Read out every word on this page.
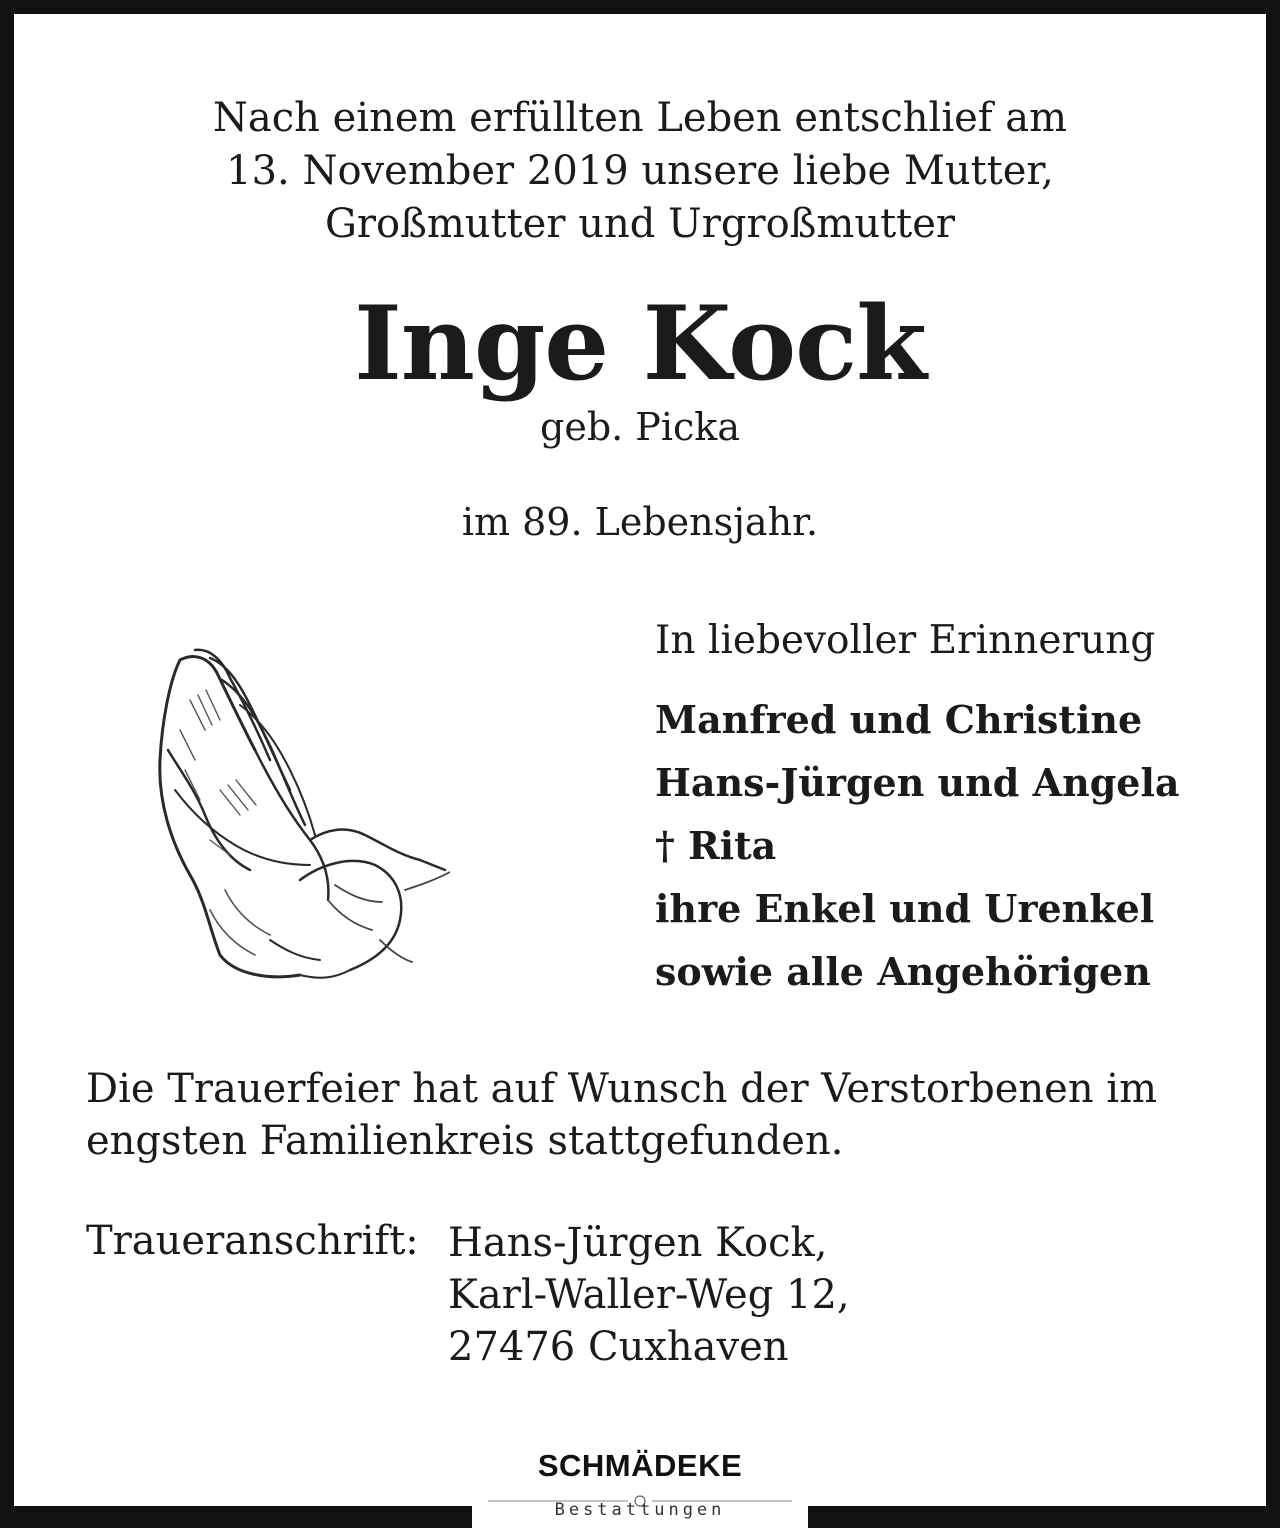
Nach einem erfüllten Leben entschlief am
13. November 2019 unsere liebe Mutter,
Großmutter und Urgroßmutter
Inge Kock
geb. Picka
im 89. Lebensjahr.
In liebevoller Erinnerung
Manfred und Christine
Hans-Jürgen und Angela
† Rita
ihre Enkel und Urenkel
sowie alle Angehörigen
Die Trauerfeier hat auf Wunsch der Verstorbenen im
engsten Familienkreis stattgefunden.
Traueranschrift: Hans-Jürgen Kock,
Karl-Waller-Weg 12,
27476 Cuxhaven
SCHMÄDEKE
Bestattungen
